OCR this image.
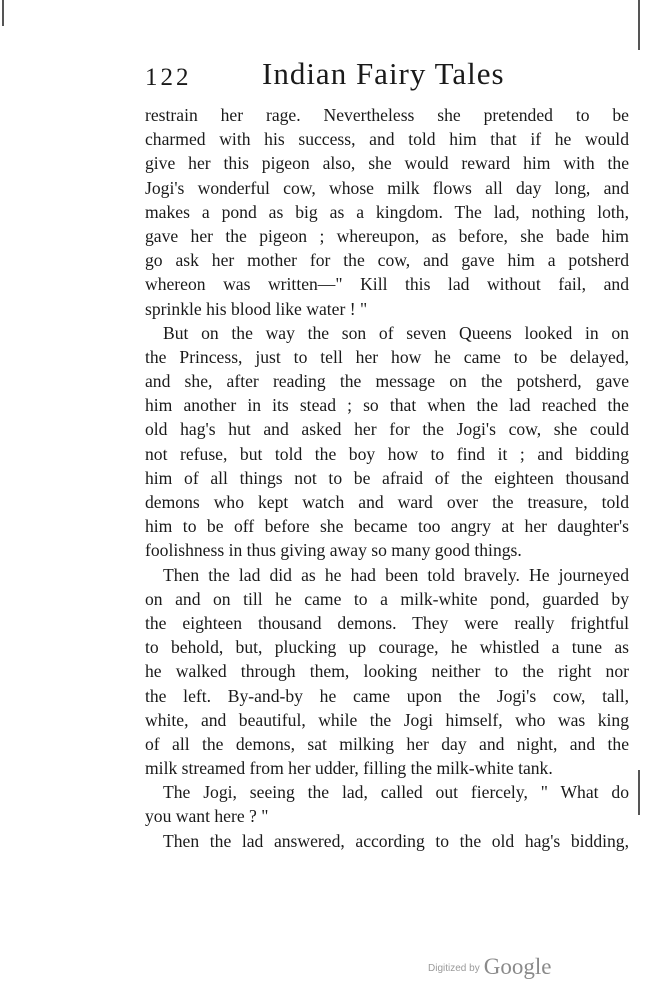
122 Indian Fairy Tales
restrain her rage. Nevertheless she pretended to be
charmed with his success, and told him that if he would
give her this pigeon also, she would reward him with the
Jogi's wonderful cow, whose milk flows all day long, and
makes a pond as big as a kingdom. The lad, nothing loth,
gave her the pigeon ; whereupon, as before, she bade him
go ask her mother for the cow, and gave him a potsherd
whereon was written—" Kill this lad without fail, and
sprinkle his blood like water ! "
But on the way the son of seven Queens looked in on
the Princess, just to tell her how he came to be delayed,
and she, after reading the message on the potsherd, gave
him another in its stead ; so that when the lad reached the
old hag's hut and asked her for the Jogi's cow, she could
not refuse, but told the boy how to find it ; and bidding
him of all things not to be afraid of the eighteen thousand
demons who kept watch and ward over the treasure, told
him to be off before she became too angry at her daughter's
foolishness in thus giving away so many good things.
Then the lad did as he had been told bravely. He journeyed
on and on till he came to a milk-white pond, guarded by
the eighteen thousand demons. They were really frightful
to behold, but, plucking up courage, he whistled a tune as
he walked through them, looking neither to the right nor
the left. By-and-by he came upon the Jogi's cow, tall,
white, and beautiful, while the Jogi himself, who was king
of all the demons, sat milking her day and night, and the
milk streamed from her udder, filling the milk-white tank.
The Jogi, seeing the lad, called out fiercely, " What do
you want here ? "
Then the lad answered, according to the old hag's bidding,
Digitized by Google
